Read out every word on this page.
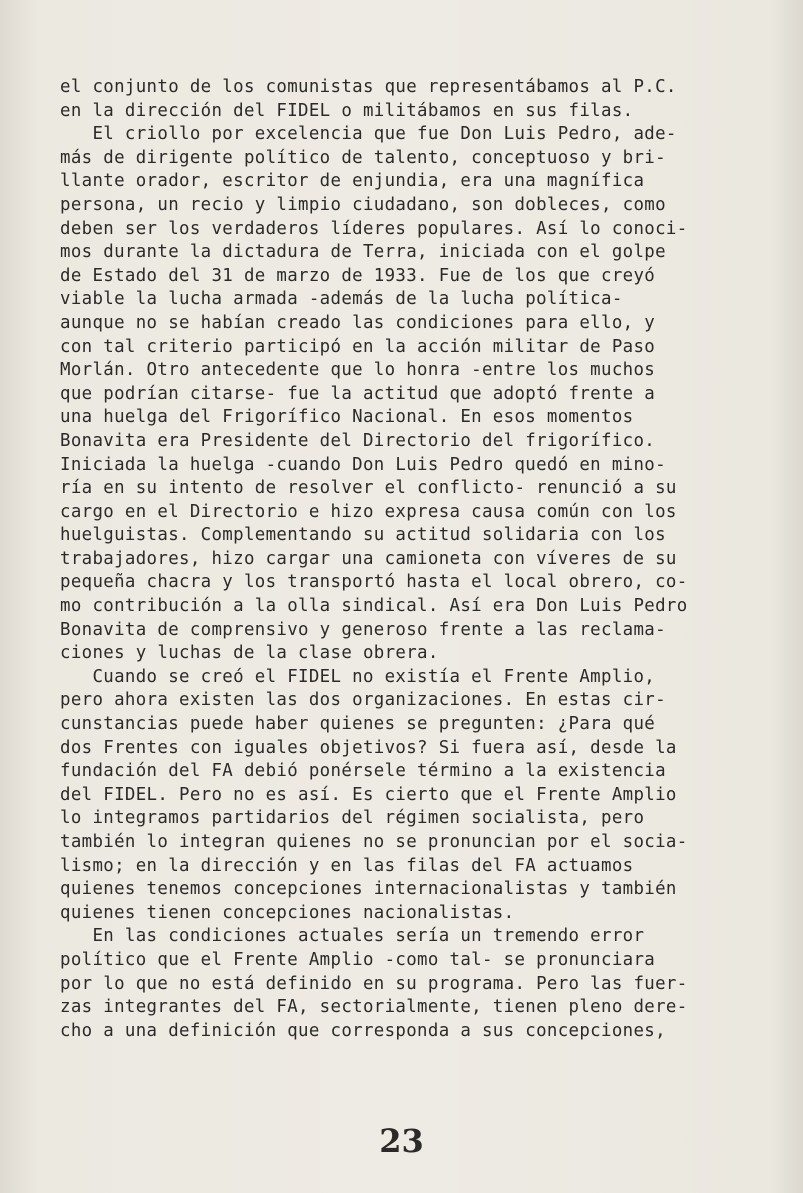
el conjunto de los comunistas que representábamos al P.C.
en la dirección del FIDEL o militábamos en sus filas.
El criollo por excelencia que fue Don Luis Pedro, ade-
más de dirigente político de talento, conceptuoso y bri-
llante orador, escritor de enjundia, era una magnífica
persona, un recio y limpio ciudadano, son dobleces, como
deben ser los verdaderos líderes populares. Así lo conoci-
mos durante la dictadura de Terra, iniciada con el golpe
de Estado del 31 de marzo de 1933. Fue de los que creyó
viable la lucha armada -además de la lucha política-
aunque no se habían creado las condiciones para ello, y
con tal criterio participó en la acción militar de Paso
Morlán. Otro antecedente que lo honra -entre los muchos
que podrían citarse- fue la actitud que adoptó frente a
una huelga del Frigorífico Nacional. En esos momentos
Bonavita era Presidente del Directorio del frigorífico.
Iniciada la huelga -cuando Don Luis Pedro quedó en mino-
ría en su intento de resolver el conflicto- renunció a su
cargo en el Directorio e hizo expresa causa común con los
huelguistas. Complementando su actitud solidaria con los
trabajadores, hizo cargar una camioneta con víveres de su
pequeña chacra y los transportó hasta el local obrero, co-
mo contribución a la olla sindical. Así era Don Luis Pedro
Bonavita de comprensivo y generoso frente a las reclama-
ciones y luchas de la clase obrera.
Cuando se creó el FIDEL no existía el Frente Amplio,
pero ahora existen las dos organizaciones. En estas cir-
cunstancias puede haber quienes se pregunten: ¿Para qué
dos Frentes con iguales objetivos? Si fuera así, desde la
fundación del FA debió ponérsele término a la existencia
del FIDEL. Pero no es así. Es cierto que el Frente Amplio
lo integramos partidarios del régimen socialista, pero
también lo integran quienes no se pronuncian por el socia-
lismo; en la dirección y en las filas del FA actuamos
quienes tenemos concepciones internacionalistas y también
quienes tienen concepciones nacionalistas.
En las condiciones actuales sería un tremendo error
político que el Frente Amplio -como tal- se pronunciara
por lo que no está definido en su programa. Pero las fuer-
zas integrantes del FA, sectorialmente, tienen pleno dere-
cho a una definición que corresponda a sus concepciones,
23
